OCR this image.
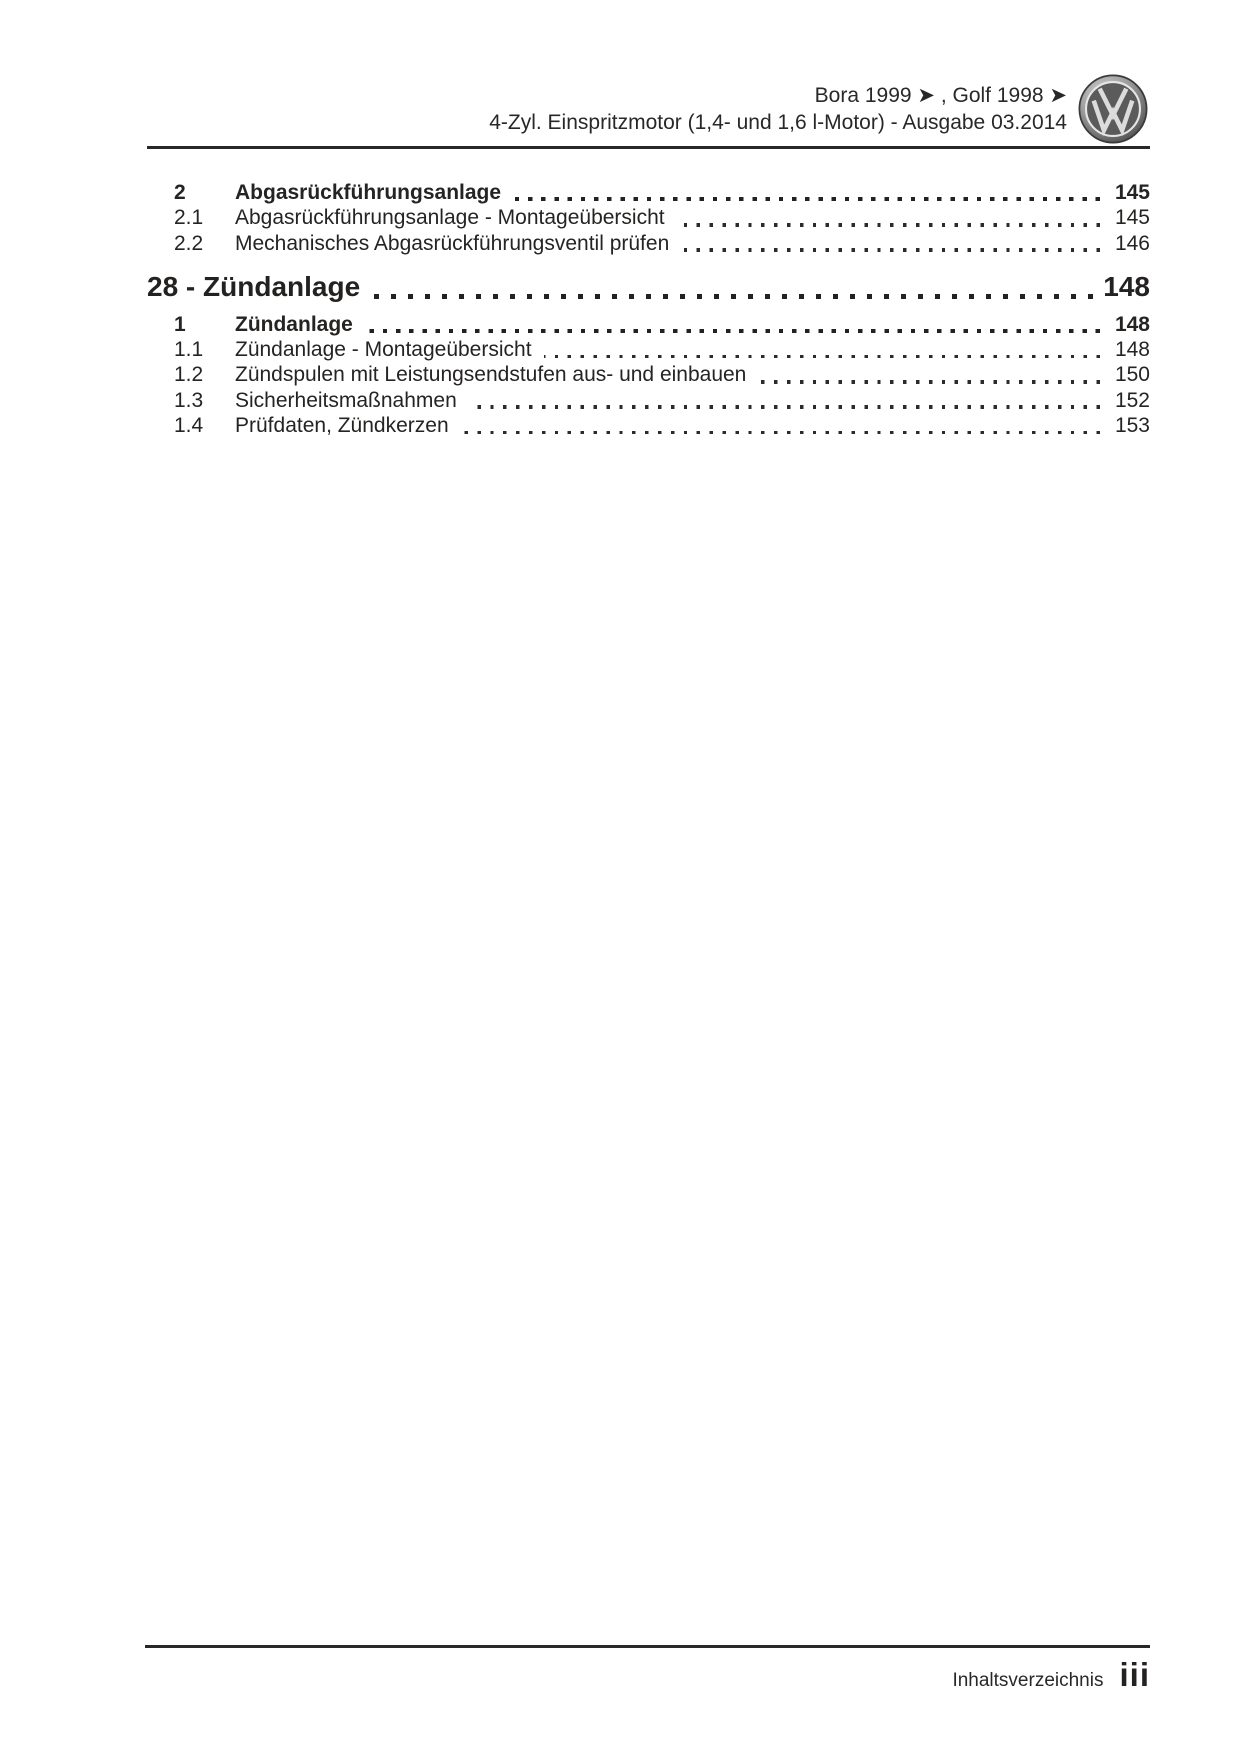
Bora 1999 ➤ , Golf 1998 ➤
4-Zyl. Einspritzmotor (1,4- und 1,6 l-Motor) - Ausgabe 03.2014
2	Abgasrückführungsanlage	145
2.1	Abgasrückführungsanlage - Montageübersicht	145
2.2	Mechanisches Abgasrückführungsventil prüfen	146
28 - Zündanlage	148
1	Zündanlage	148
1.1	Zündanlage - Montageübersicht	148
1.2	Zündspulen mit Leistungsendstufen aus- und einbauen	150
1.3	Sicherheitsmaßnahmen	152
1.4	Prüfdaten, Zündkerzen	153
Inhaltsverzeichnis iii
